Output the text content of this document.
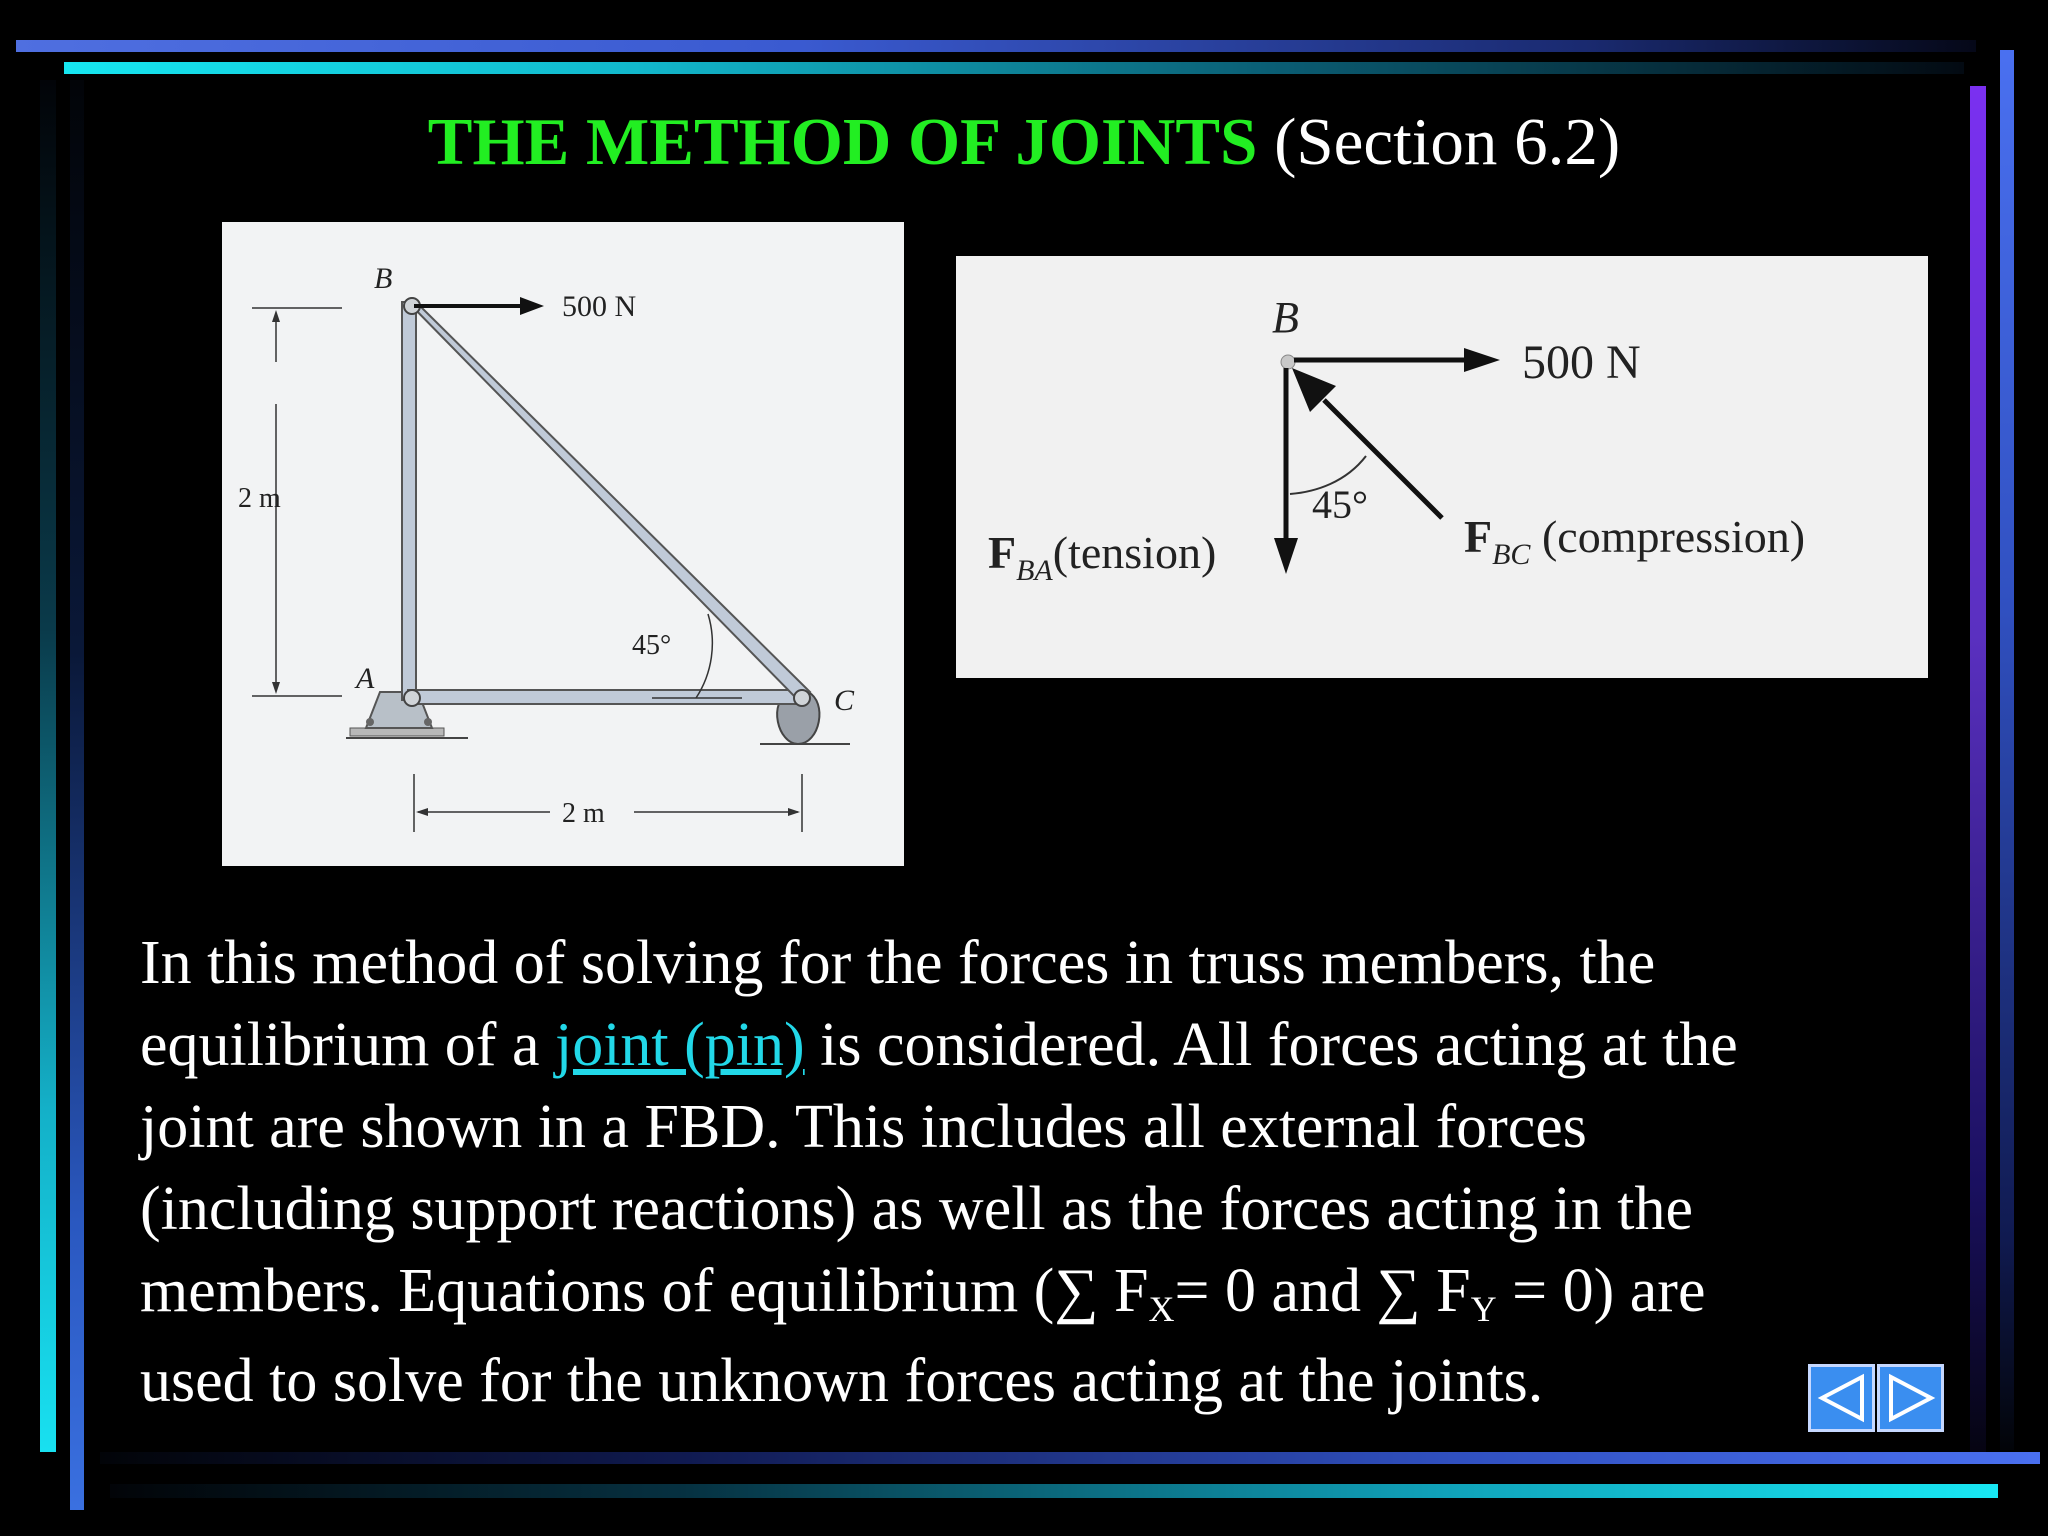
THE METHOD OF JOINTS (Section 6.2)
2 m
2 m
500 N
B
A
C
45°
500 N
B
45°
$F_{BA}(tension)$	$F_{BC}$ (compression)
In this method of solving for the forces in truss members, the
equilibrium of a joint (pin) is considered. All forces acting at the
joint are shown in a FBD. This includes all external forces
(including support reactions) as well as the forces acting in the
members. Equations of equilibrium (∑ $F_X= 0$ and ∑ $F_Y = 0$) are
used to solve for the unknown forces acting at the joints.
